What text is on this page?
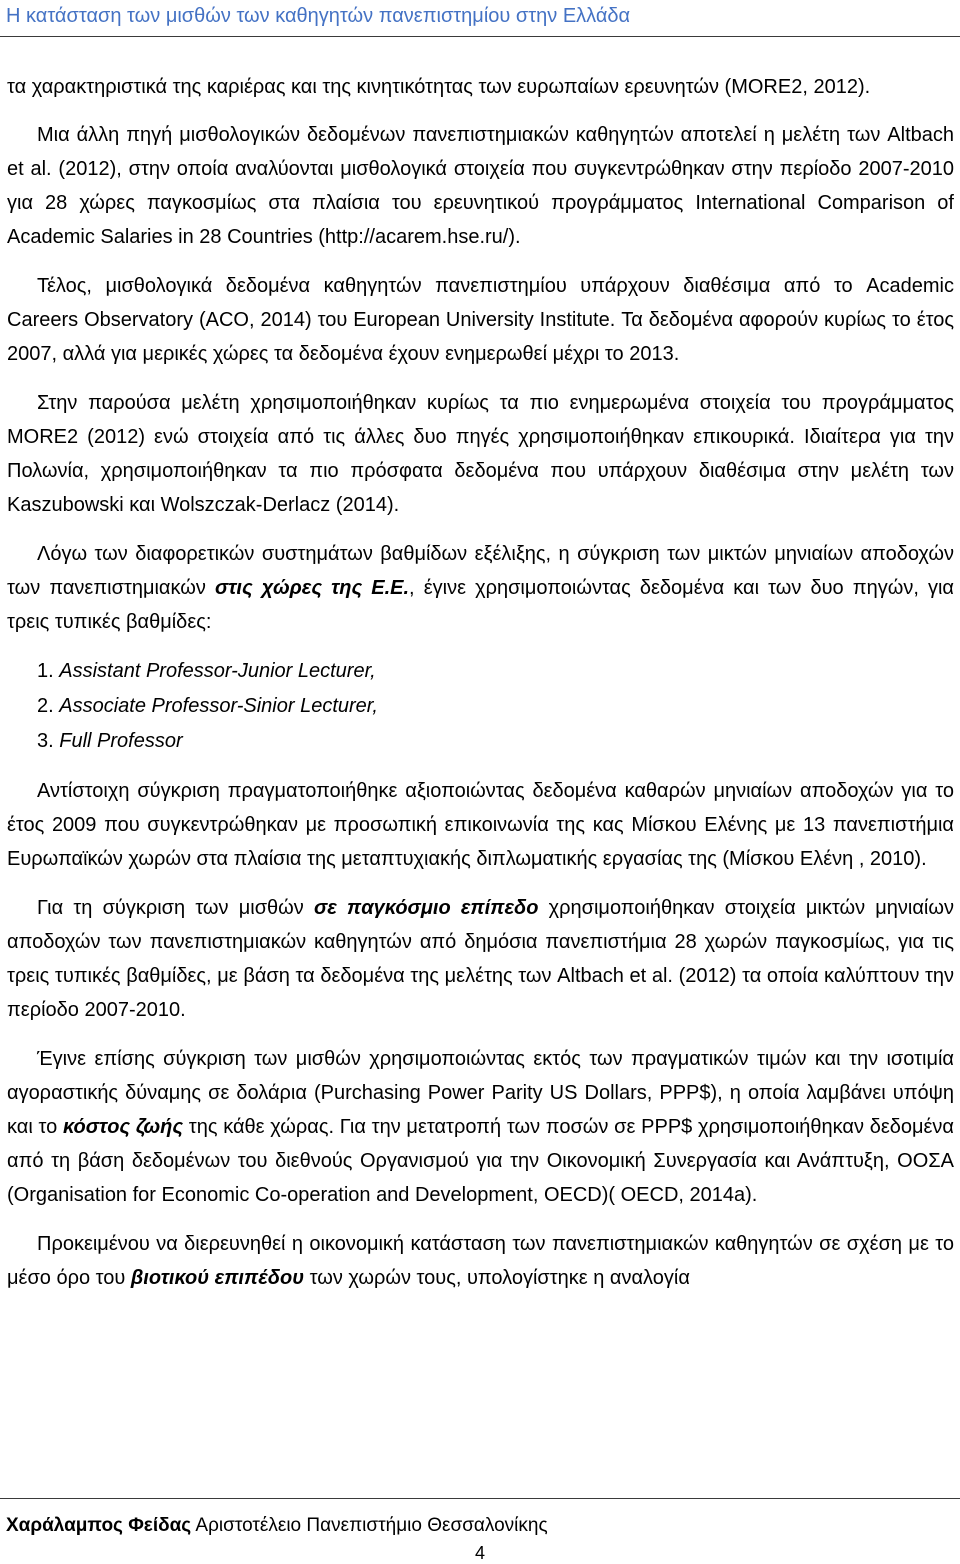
Η κατάσταση των μισθών των καθηγητών πανεπιστημίου στην Ελλάδα

τα χαρακτηριστικά της καριέρας και της κινητικότητας των ευρωπαίων ερευνητών (MORE2, 2012).

Μια άλλη πηγή μισθολογικών δεδομένων πανεπιστημιακών καθηγητών αποτελεί η μελέτη των Altbach et al. (2012), στην οποία αναλύονται μισθολογικά στοιχεία που συγκεντρώθηκαν στην περίοδο 2007-2010 για 28 χώρες παγκοσμίως στα πλαίσια του ερευνητικού προγράμματος International Comparison of Academic Salaries in 28 Countries (http://acarem.hse.ru/).

Τέλος, μισθολογικά δεδομένα καθηγητών πανεπιστημίου υπάρχουν διαθέσιμα από το Academic Careers Observatory (ACO, 2014) του European University Institute. Τα δεδομένα αφορούν κυρίως το έτος 2007, αλλά για μερικές χώρες τα δεδομένα έχουν ενημερωθεί μέχρι το 2013.

Στην παρούσα μελέτη χρησιμοποιήθηκαν κυρίως τα πιο ενημερωμένα στοιχεία του προγράμματος MORE2 (2012) ενώ στοιχεία από τις άλλες δυο πηγές χρησιμοποιήθηκαν επικουρικά. Ιδιαίτερα για την Πολωνία, χρησιμοποιήθηκαν τα πιο πρόσφατα δεδομένα που υπάρχουν διαθέσιμα στην μελέτη των Kaszubowski και Wolszczak-Derlacz (2014).

Λόγω των διαφορετικών συστημάτων βαθμίδων εξέλιξης, η σύγκριση των μικτών μηνιαίων αποδοχών των πανεπιστημιακών στις χώρες της Ε.Ε., έγινε χρησιμοποιώντας δεδομένα και των δυο πηγών, για τρεις τυπικές βαθμίδες:

1. Assistant Professor-Junior Lecturer,
2. Associate Professor-Sinior Lecturer,
3. Full Professor

Αντίστοιχη σύγκριση πραγματοποιήθηκε αξιοποιώντας δεδομένα καθαρών μηνιαίων αποδοχών για το έτος 2009 που συγκεντρώθηκαν με προσωπική επικοινωνία της κας Μίσκου Ελένης με 13 πανεπιστήμια Ευρωπαϊκών χωρών στα πλαίσια της μεταπτυχιακής διπλωματικής εργασίας της (Μίσκου Ελένη , 2010).

Για τη σύγκριση των μισθών σε παγκόσμιο επίπεδο χρησιμοποιήθηκαν στοιχεία μικτών μηνιαίων αποδοχών των πανεπιστημιακών καθηγητών από δημόσια πανεπιστήμια 28 χωρών παγκοσμίως, για τις τρεις τυπικές βαθμίδες, με βάση τα δεδομένα της μελέτης των Altbach et al. (2012) τα οποία καλύπτουν την περίοδο 2007-2010.

Έγινε επίσης σύγκριση των μισθών χρησιμοποιώντας εκτός των πραγματικών τιμών και την ισοτιμία αγοραστικής δύναμης σε δολάρια (Purchasing Power Parity US Dollars, PPP$), η οποία λαμβάνει υπόψη και το κόστος ζωής της κάθε χώρας. Για την μετατροπή των ποσών σε PPP$ χρησιμοποιήθηκαν δεδομένα από τη βάση δεδομένων του διεθνούς Οργανισμού για την Οικονομική Συνεργασία και Ανάπτυξη, ΟΟΣΑ (Organisation for Economic Co-operation and Development, OECD)( OECD, 2014a).

Προκειμένου να διερευνηθεί η οικονομική κατάσταση των πανεπιστημιακών καθηγητών σε σχέση με το μέσο όρο του βιοτικού επιπέδου των χωρών τους, υπολογίστηκε η αναλογία

Χαράλαμπος Φείδας Αριστοτέλειο Πανεπιστήμιο Θεσσαλονίκης
4
